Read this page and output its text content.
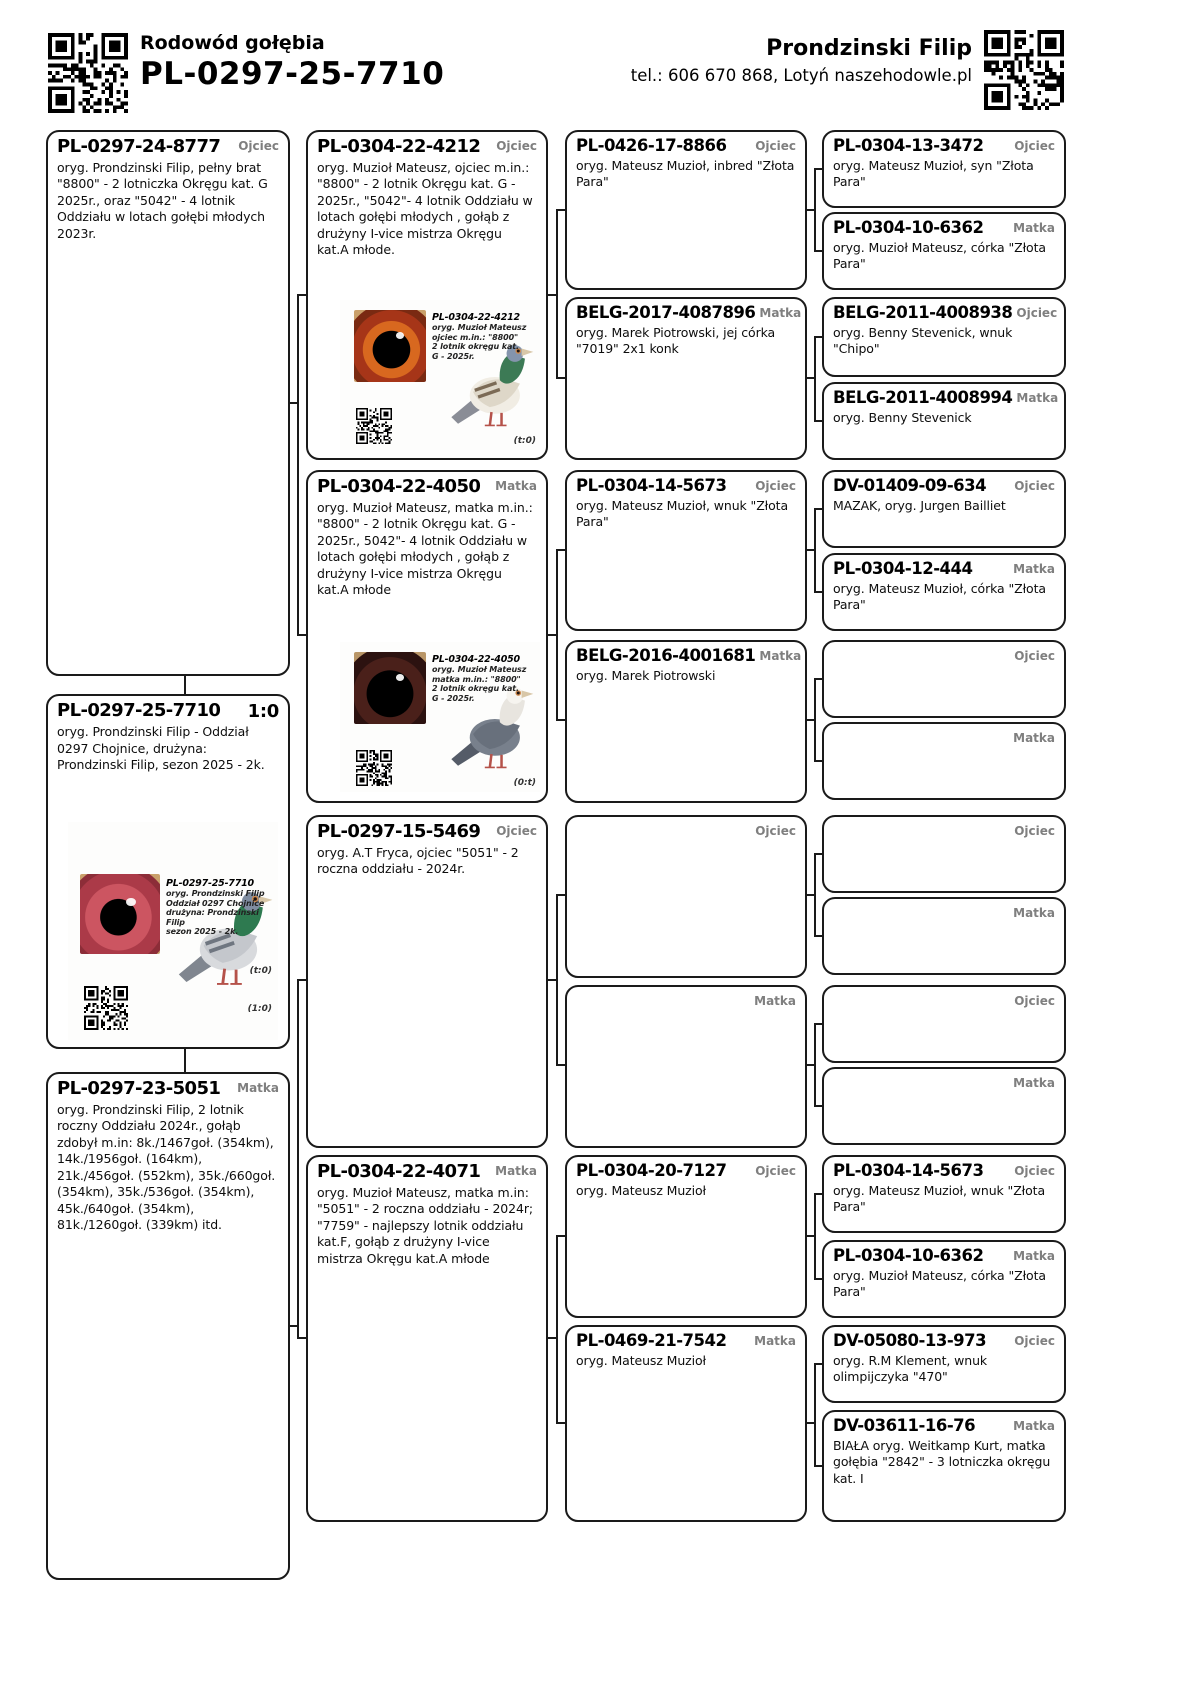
Rodowód gołębia
PL-0297-25-7710
Prondzinski Filip
tel.: 606 670 868, Lotyń naszehodowle.pl
PL-0297-24-8777 Ojciec
oryg. Prondzinski Filip, pełny brat "8800" - 2 lotniczka Okręgu kat. G 2025r., oraz "5042" - 4 lotnik Oddziału w lotach gołębi młodych 2023r.
PL-0297-25-7710 1:0
oryg. Prondzinski Filip - Oddział 0297 Chojnice, drużyna: Prondzinski Filip, sezon 2025 - 2k.
PL-0297-25-7710
oryg. Prondzinski Filip
Oddział 0297 Chojnice
drużyna: Prondzinski Filip
sezon 2025 - 2k.
(t:0)
(1:0)
PL-0297-23-5051 Matka
oryg. Prondzinski Filip, 2 lotnik roczny Oddziału 2024r., gołąb zdobył m.in: 8k./1467goł. (354km), 14k./1956goł. (164km), 21k./456goł. (552km), 35k./660goł. (354km), 35k./536goł. (354km), 45k./640goł. (354km), 81k./1260goł. (339km) itd.
PL-0304-22-4212 Ojciec
oryg. Muzioł Mateusz, ojciec m.in.: "8800" - 2 lotnik Okręgu kat. G - 2025r., "5042"- 4 lotnik Oddziału w lotach gołębi młodych , gołąb z drużyny I-vice mistrza Okręgu kat.A młode.
PL-0304-22-4212
oryg. Muzioł Mateusz
ojciec m.in.: "8800"
2 lotnik okręgu kat. G - 2025r.
(t:0)
PL-0304-22-4050 Matka
oryg. Muzioł Mateusz, matka m.in.: "8800" - 2 lotnik Okręgu kat. G - 2025r., 5042"- 4 lotnik Oddziału w lotach gołębi młodych , gołąb z drużyny I-vice mistrza Okręgu kat.A młode
PL-0304-22-4050
oryg. Muzioł Mateusz
matka m.in.: "8800"
2 lotnik okręgu kat. G - 2025r.
(0:t)
PL-0297-15-5469 Ojciec
oryg. A.T Fryca, ojciec "5051" - 2 roczna oddziału - 2024r.
PL-0304-22-4071 Matka
oryg. Muzioł Mateusz, matka m.in: "5051" - 2 roczna oddziału - 2024r; "7759" - najlepszy lotnik oddziału kat.F, gołąb z drużyny I-vice mistrza Okręgu kat.A młode
PL-0426-17-8866 Ojciec
oryg. Mateusz Muzioł, inbred "Złota Para"
BELG-2017-4087896 Matka
oryg. Marek Piotrowski, jej córka "7019" 2x1 konk
PL-0304-14-5673 Ojciec
oryg. Mateusz Muzioł, wnuk "Złota Para"
BELG-2016-4001681 Matka
oryg. Marek Piotrowski
Ojciec
Matka
PL-0304-20-7127 Ojciec
oryg. Mateusz Muzioł
PL-0469-21-7542 Matka
oryg. Mateusz Muzioł
PL-0304-13-3472	Ojciec
oryg. Mateusz Muzioł, syn "Złota Para"
PL-0304-10-6362 Matka
oryg. Muzioł Mateusz, córka "Złota Para"
BELG-2011-4008938 Ojciec
oryg. Benny Stevenick, wnuk "Chipo"
BELG-2011-4008994 Matka
oryg. Benny Stevenick
DV-01409-09-634 Ojciec
MAZAK, oryg. Jurgen Bailliet
PL-0304-12-444	Matka
oryg. Mateusz Muzioł, córka "Złota Para"
Ojciec
Matka
Ojciec
Matka
Ojciec
Matka
PL-0304-14-5673	Ojciec
oryg. Mateusz Muzioł, wnuk "Złota Para"
PL-0304-10-6362 Matka
oryg. Muzioł Mateusz, córka "Złota Para"
DV-05080-13-973 Ojciec
oryg. R.M Klement, wnuk olimpijczyka "470"
DV-03611-16-76	Matka
BIAŁA oryg. Weitkamp Kurt, matka gołębia "2842" - 3 lotniczka okręgu kat. I
